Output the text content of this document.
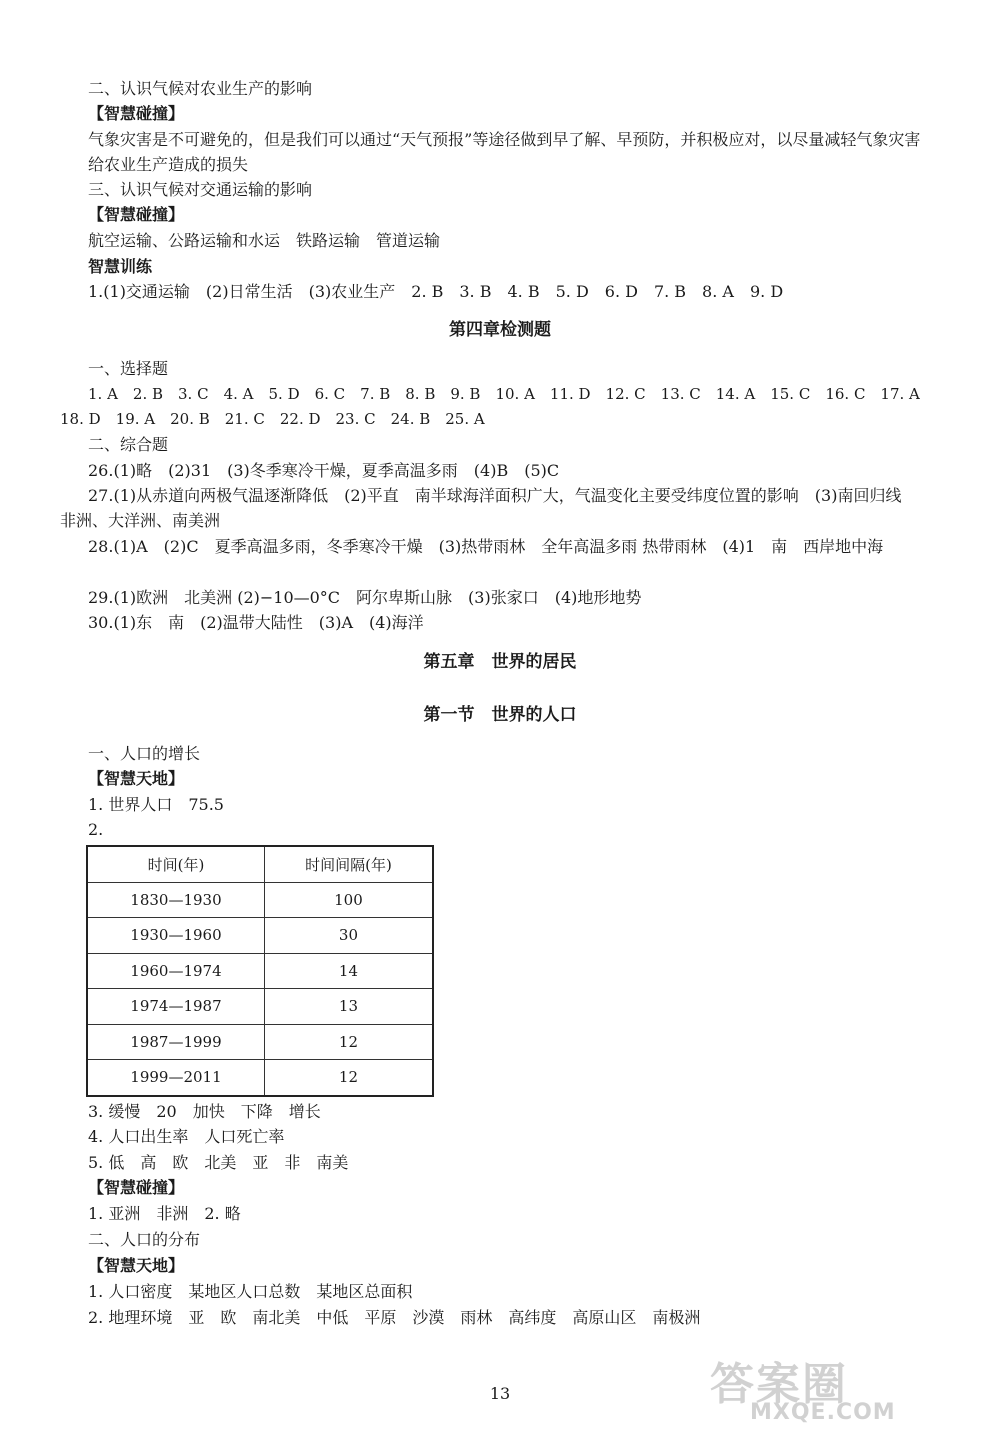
二、认识气候对农业生产的影响
【智慧碰撞】
气象灾害是不可避免的，但是我们可以通过“天气预报”等途径做到早了解、早预防，并积极应对，以尽量减轻气象灾害给农业生产造成的损失
三、认识气候对交通运输的影响
【智慧碰撞】
航空运输、公路运输和水运　铁路运输　管道运输
智慧训练
1.(1)交通运输　(2)日常生活　(3)农业生产　2. B　3. B　4. B　5. D　6. D　7. B　8. A　9. D
第四章检测题
一、选择题
1. A　2. B　3. C　4. A　5. D　6. C　7. B　8. B　9. B　10. A　11. D　12. C　13. C　14. A　15. C　16. C　17. A
18. D　19. A　20. B　21. C　22. D　23. C　24. B　25. A
二、综合题
26.(1)略　(2)31　(3)冬季寒冷干燥，夏季高温多雨　(4)B　(5)C
27.(1)从赤道向两极气温逐渐降低　(2)平直　南半球海洋面积广大，气温变化主要受纬度位置的影响　(3)南回归线　非洲、大洋洲、南美洲
28.(1)A　(2)C　夏季高温多雨，冬季寒冷干燥　(3)热带雨林　全年高温多雨 热带雨林　(4)1　南　西岸地中海
29.(1)欧洲　北美洲 (2)−10—0°C　阿尔卑斯山脉　(3)张家口　(4)地形地势
30.(1)东　南　(2)温带大陆性　(3)A　(4)海洋
第五章　世界的居民
第一节　世界的人口
一、人口的增长
【智慧天地】
1. 世界人口　75.5
2.
时间(年)	时间间隔(年)
1830—1930	100
1930—1960	30
1960—1974	14
1974—1987	13
1987—1999	12
1999—2011	12
3. 缓慢　20　加快　下降　增长
4. 人口出生率　人口死亡率
5. 低　高　欧　北美　亚　非　南美
【智慧碰撞】
1. 亚洲　非洲　2. 略
二、人口的分布
【智慧天地】
1. 人口密度　某地区人口总数　某地区总面积
2. 地理环境　亚　欧　南北美　中低　平原　沙漠　雨林　高纬度　高原山区　南极洲
13	答案圈
MXQE.COM
